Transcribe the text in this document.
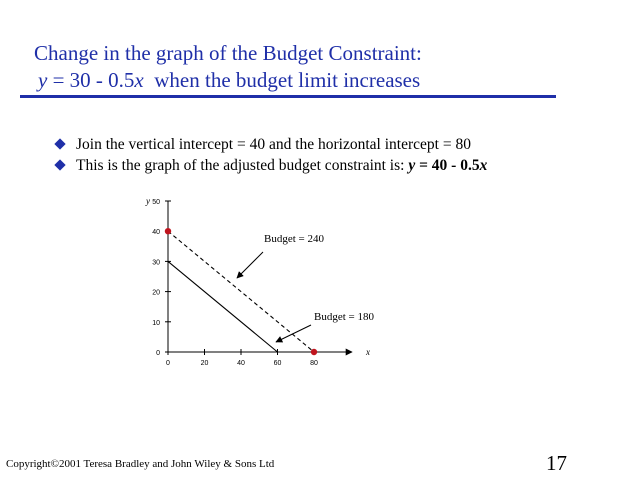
Change in the graph of the Budget Constraint:
y = 30 - 0.5x  when the budget limit increases
Join the vertical intercept = 40 and the horizontal intercept = 80
This is the graph of the adjusted budget constraint is: y = 40 - 0.5x
0
10
20
30
40
50
0	20	40	60	80
y
x
Budget = 240
Budget = 180
Copyright©2001 Teresa Bradley and John Wiley & Sons Ltd	17
